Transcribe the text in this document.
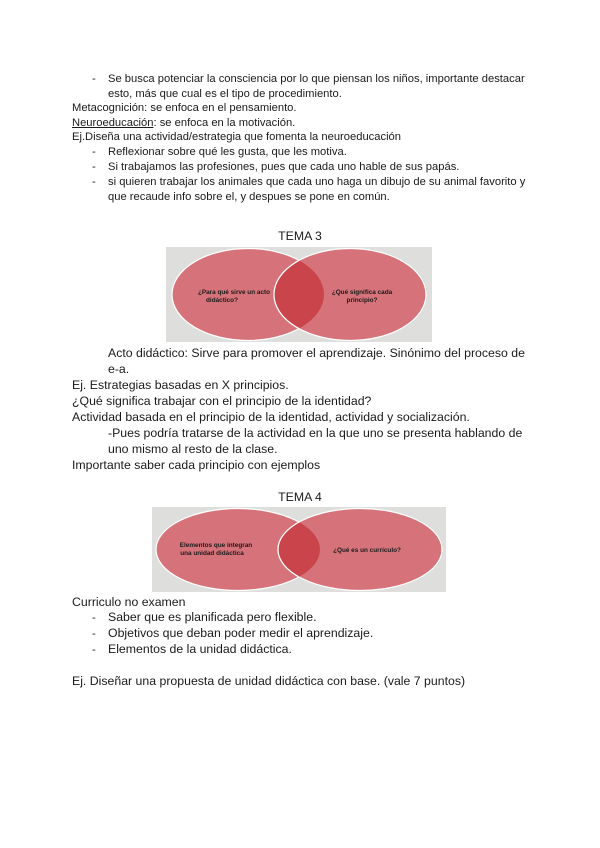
- Se busca potenciar la consciencia por lo que piensan los niños, importante destacar
esto, más que cual es el tipo de procedimiento.
Metacognición: se enfoca en el pensamiento.
Neuroeducación: se enfoca en la motivación.
Ej.Diseña una actividad/estrategia que fomenta la neuroeducación
- Reflexionar sobre qué les gusta, que les motiva.
- Si trabajamos las profesiones, pues que cada uno hable de sus papás.
- si quieren trabajar los animales que cada uno haga un dibujo de su animal favorito y
que recaude info sobre el, y despues se pone en común.
TEMA 3
¿Para qué sirve un acto
didáctico?
¿Qué significa cada
principio?
Acto didáctico: Sirve para promover el aprendizaje. Sinónimo del proceso de
e-a.
Ej. Estrategias basadas en X principios.
¿Qué significa trabajar con el principio de la identidad?
Actividad basada en el principio de la identidad, actividad y socialización.
-Pues podría tratarse de la actividad en la que uno se presenta hablando de
uno mismo al resto de la clase.
Importante saber cada principio con ejemplos
TEMA 4
Elementos que integran
una unidad didáctica	¿Qué es un currículo?
Curriculo no examen
- Saber que es planificada pero flexible.
- Objetivos que deban poder medir el aprendizaje.
- Elementos de la unidad didáctica.
Ej. Diseñar una propuesta de unidad didáctica con base. (vale 7 puntos)
